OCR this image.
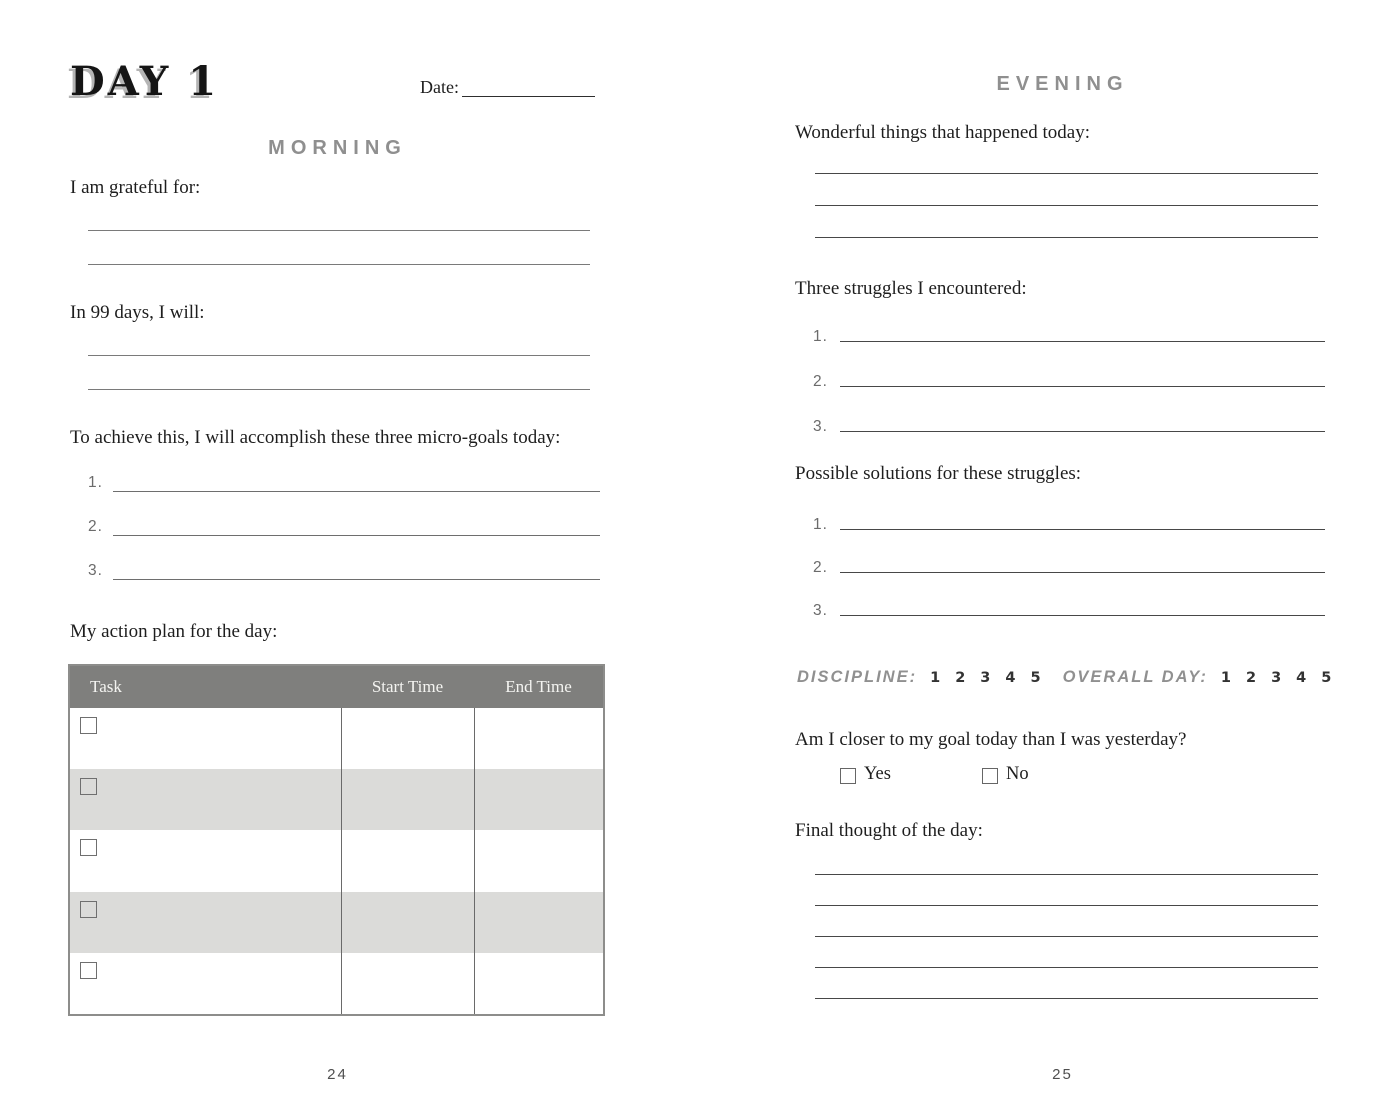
DAY 1	Date:
MORNING
I am grateful for:
In 99 days, I will:
To achieve this, I will accomplish these three micro-goals today:
1.
2.
3.
My action plan for the day:
Task	Start Time	End Time
24
EVENING
Wonderful things that happened today:
Three struggles I encountered:
1.
2.
3.
Possible solutions for these struggles:
1.
2.
3.
DISCIPLINE: 1 2 3 4 5 OVERALL DAY: 1 2 3 4 5
Am I closer to my goal today than I was yesterday?
Yes	No
Final thought of the day:
25
